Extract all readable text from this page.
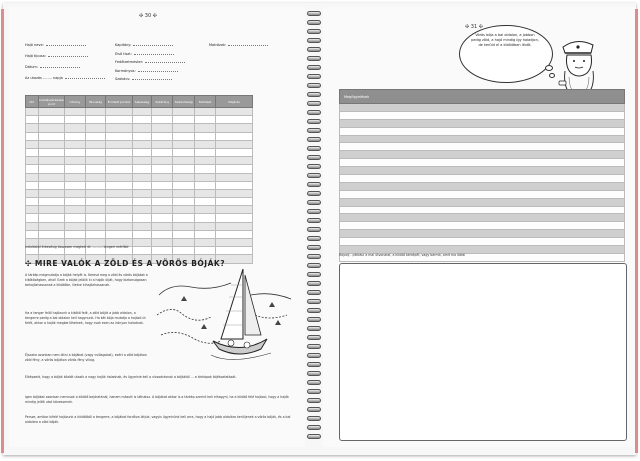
✣ 30 ✣
Hajó neve:
Hajó típusa:
Dátum:
Az utazás ........ napja
Kapitány:
Első tiszt:
Fedélzetmester:
Kormányos:
Szakács:
Matrózok:
Idő	Indulási/érkezési pont	Útirány	Távolság	Érintett pontok	Sebesség	Szélirány	Szélerősség	Felhőzet	Időjárás

Indulástól érkezésig összesen megtett út: .......... tengeri mérföld
✣ MIRE VALÓK A ZÖLD ÉS A VÖRÖS BÓJÁK?
A tárkép megmutatja a bóják helyét is. Keresd meg a zöld és vörös bójákat a kikötőségben, ahol! Ezek a bóják jelölik ki a hajók útját, hogy biztonságosan behajózhassanak a kikötőbe, illetve kihajózhassanak.
Ha a tenger felől hajózunk a kikötő felé, a zöld bóját a jobb oldalon, a tengerre pedig a bal oldalon kell hagynunk. Ha két bója mutatja a hajózó út felét, akkor a hajók megkerülhetnek, hogy csak ezen az irányon haladnak.
Éjszaka azonban nem látni a bójákat (vagy csillagokat), ezért a zöld bójákon zöld fény, a vörös bójákon vörös fény villog.
Elképzeld, hogy a bóják között utazik a nagy hajók haladnak, és ügyelnie kell a vízsodrásnak a bójáktól ... a tárkápok tájékoztatását.
Igen bójákat azonban nemcsak a kikötő bejáratánál, hanem másutt is láthatsz. A bójákat akkor is a tárkép szerint kell elhagyni, ha a kikötő felé hajózol, hogy a hajók mindig jelölt utat kövessenek.
Persze, amikor kifelé hajózunk a kikötőből a tengerre, a bójákat fordítva látjuk, vagyis ügyelnünk kell arra, hogy a hajó jobb oldalára kerüljenek a vörös bóják, és a bal oldalára a zöld bóják.
✣ 31 ✣
Vörös bója a bal oldalon, a jobbon pedig zöld, a hajó mindig így haladjon, de kerüld el a kikötőben lévőt.
Megfigyelések

Rajzolj - például a mai útvonalat, a kikötő tárképét, vagy bármit, amit ma láttál
